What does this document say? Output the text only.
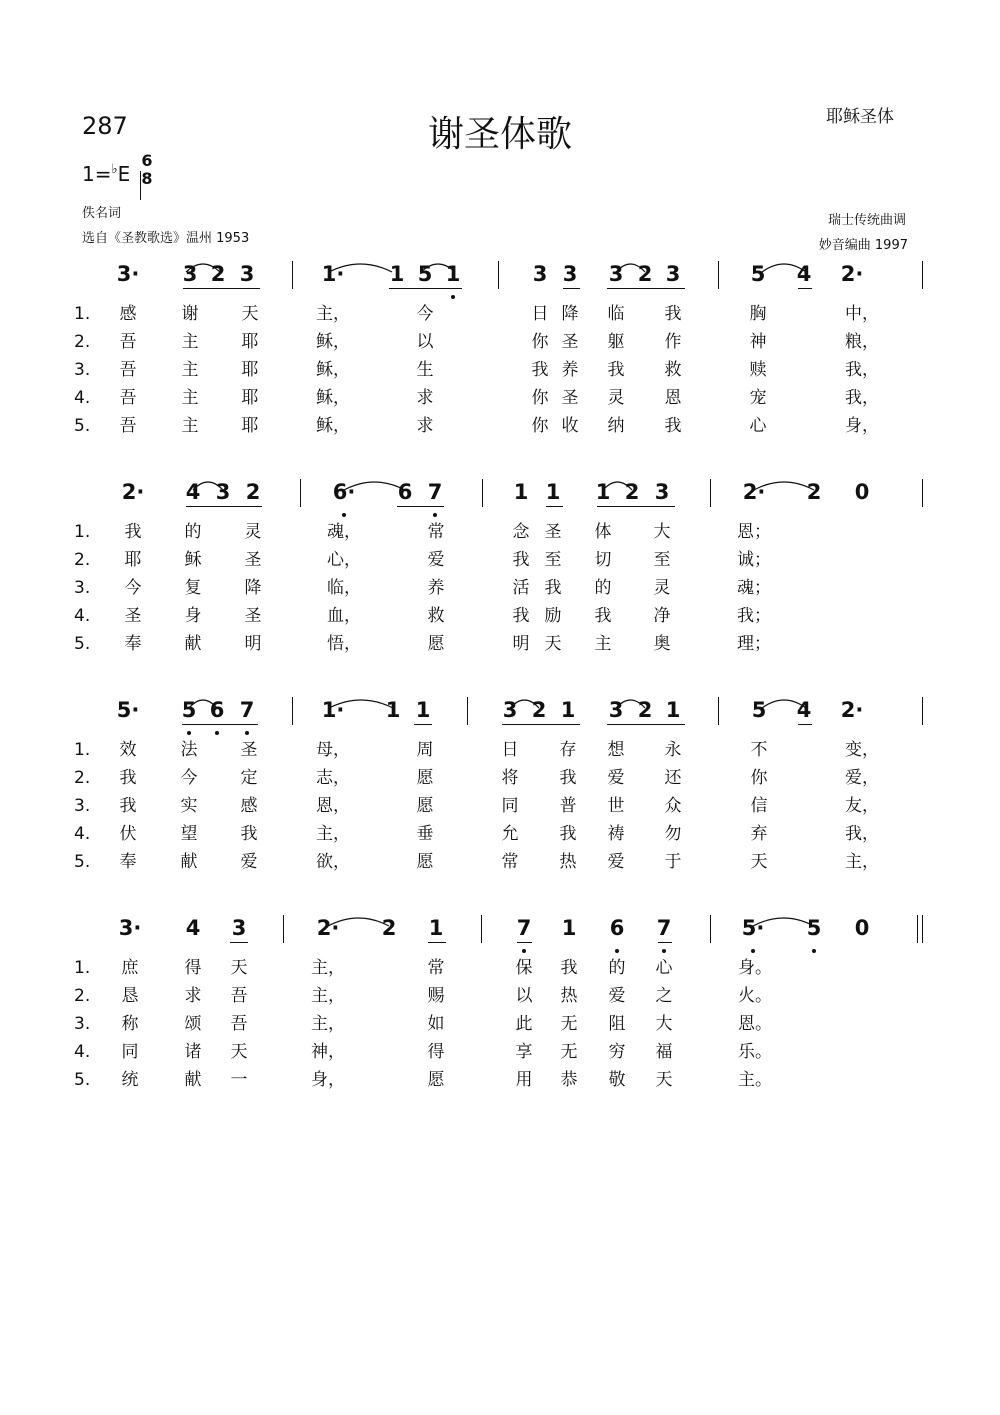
287	谢圣体歌	耶稣圣体
1=♭E
6
8
佚名词
选自《圣教歌选》温州 1953
瑞士传统曲调
妙音编曲 1997
3· 3 2 3	1· 1 5 1	3 3 3 2 3	5 4 2·
1. 感	谢	天	主，	今	日 降 临 我	胸	中，
2. 吾	主	耶	稣，	以	你 圣 躯 作	神	粮，
3. 吾	主	耶	稣，	生	我 养 我 救	赎	我，
4. 吾	主	耶	稣，	求	你 圣 灵 恩	宠	我，
5. 吾	主	耶	稣，	求	你 收 纳 我	心	身，
2· 4 3 2	6· 6 7	1 1 1 2 3	2· 2 0
1. 我	的	灵	魂，	常	念 圣 体 大	恩；
2. 耶	稣	圣	心，	爱	我 至 切 至	诚；
3. 今	复	降	临，	养	活 我 的 灵	魂；
4. 圣	身	圣	血，	救	我 励 我 净	我；
5. 奉	献	明	悟，	愿	明 天 主 奥	理；
5· 5 6 7	1· 1 1	3 2 1 3 2 1	5 4 2·
1. 效	法	圣	母，	周	日 存 想 永	不	变，
2. 我	今	定	志，	愿	将 我 爱 还	你	爱，
3. 我	实	感	恩，	愿	同 普 世 众	信	友，
4. 伏	望	我	主，	垂	允 我 祷 勿	弃	我，
5. 奉	献	爱	欲，	愿	常 热 爱 于	天	主，
3· 4 3	2· 2 1	7 1 6 7	5· 5 0
1. 庶	得 天	主，	常	保 我 的 心	身。
2. 恳	求 吾	主，	赐	以 热 爱 之	火。
3. 称	颂 吾	主，	如	此 无 阻 大	恩。
4. 同	诸 天	神，	得	享 无 穷 福	乐。
5. 统	献 一	身，	愿	用 恭 敬 天	主。
